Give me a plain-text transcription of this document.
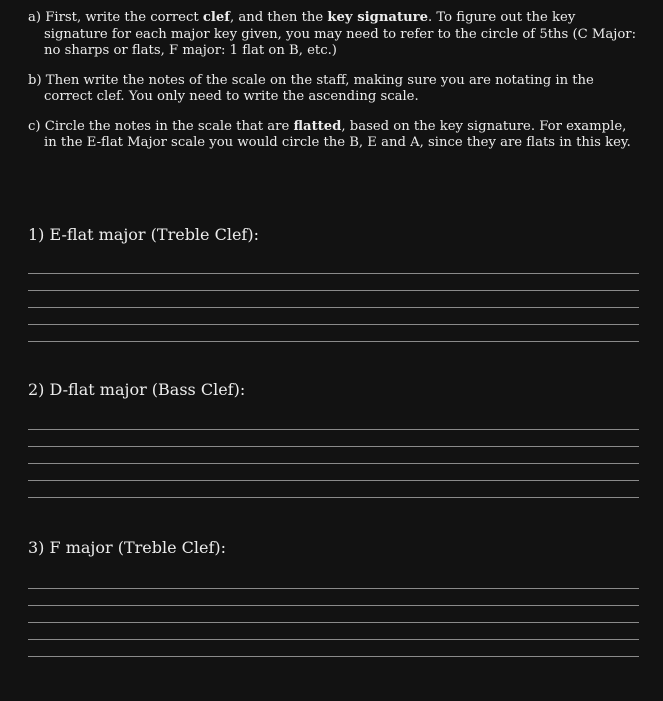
a) First, write the correct clef, and then the key signature. To figure out the key signature for each major key given, you may need to refer to the circle of 5ths (C Major: no sharps or flats, F major: 1 flat on B, etc.)

b) Then write the notes of the scale on the staff, making sure you are notating in the correct clef. You only need to write the ascending scale.

c) Circle the notes in the scale that are flatted, based on the key signature. For example, in the E-flat Major scale you would circle the B, E and A, since they are flats in this key.

1) E-flat major (Treble Clef):
2) D-flat major (Bass Clef):
3) F major (Treble Clef):
